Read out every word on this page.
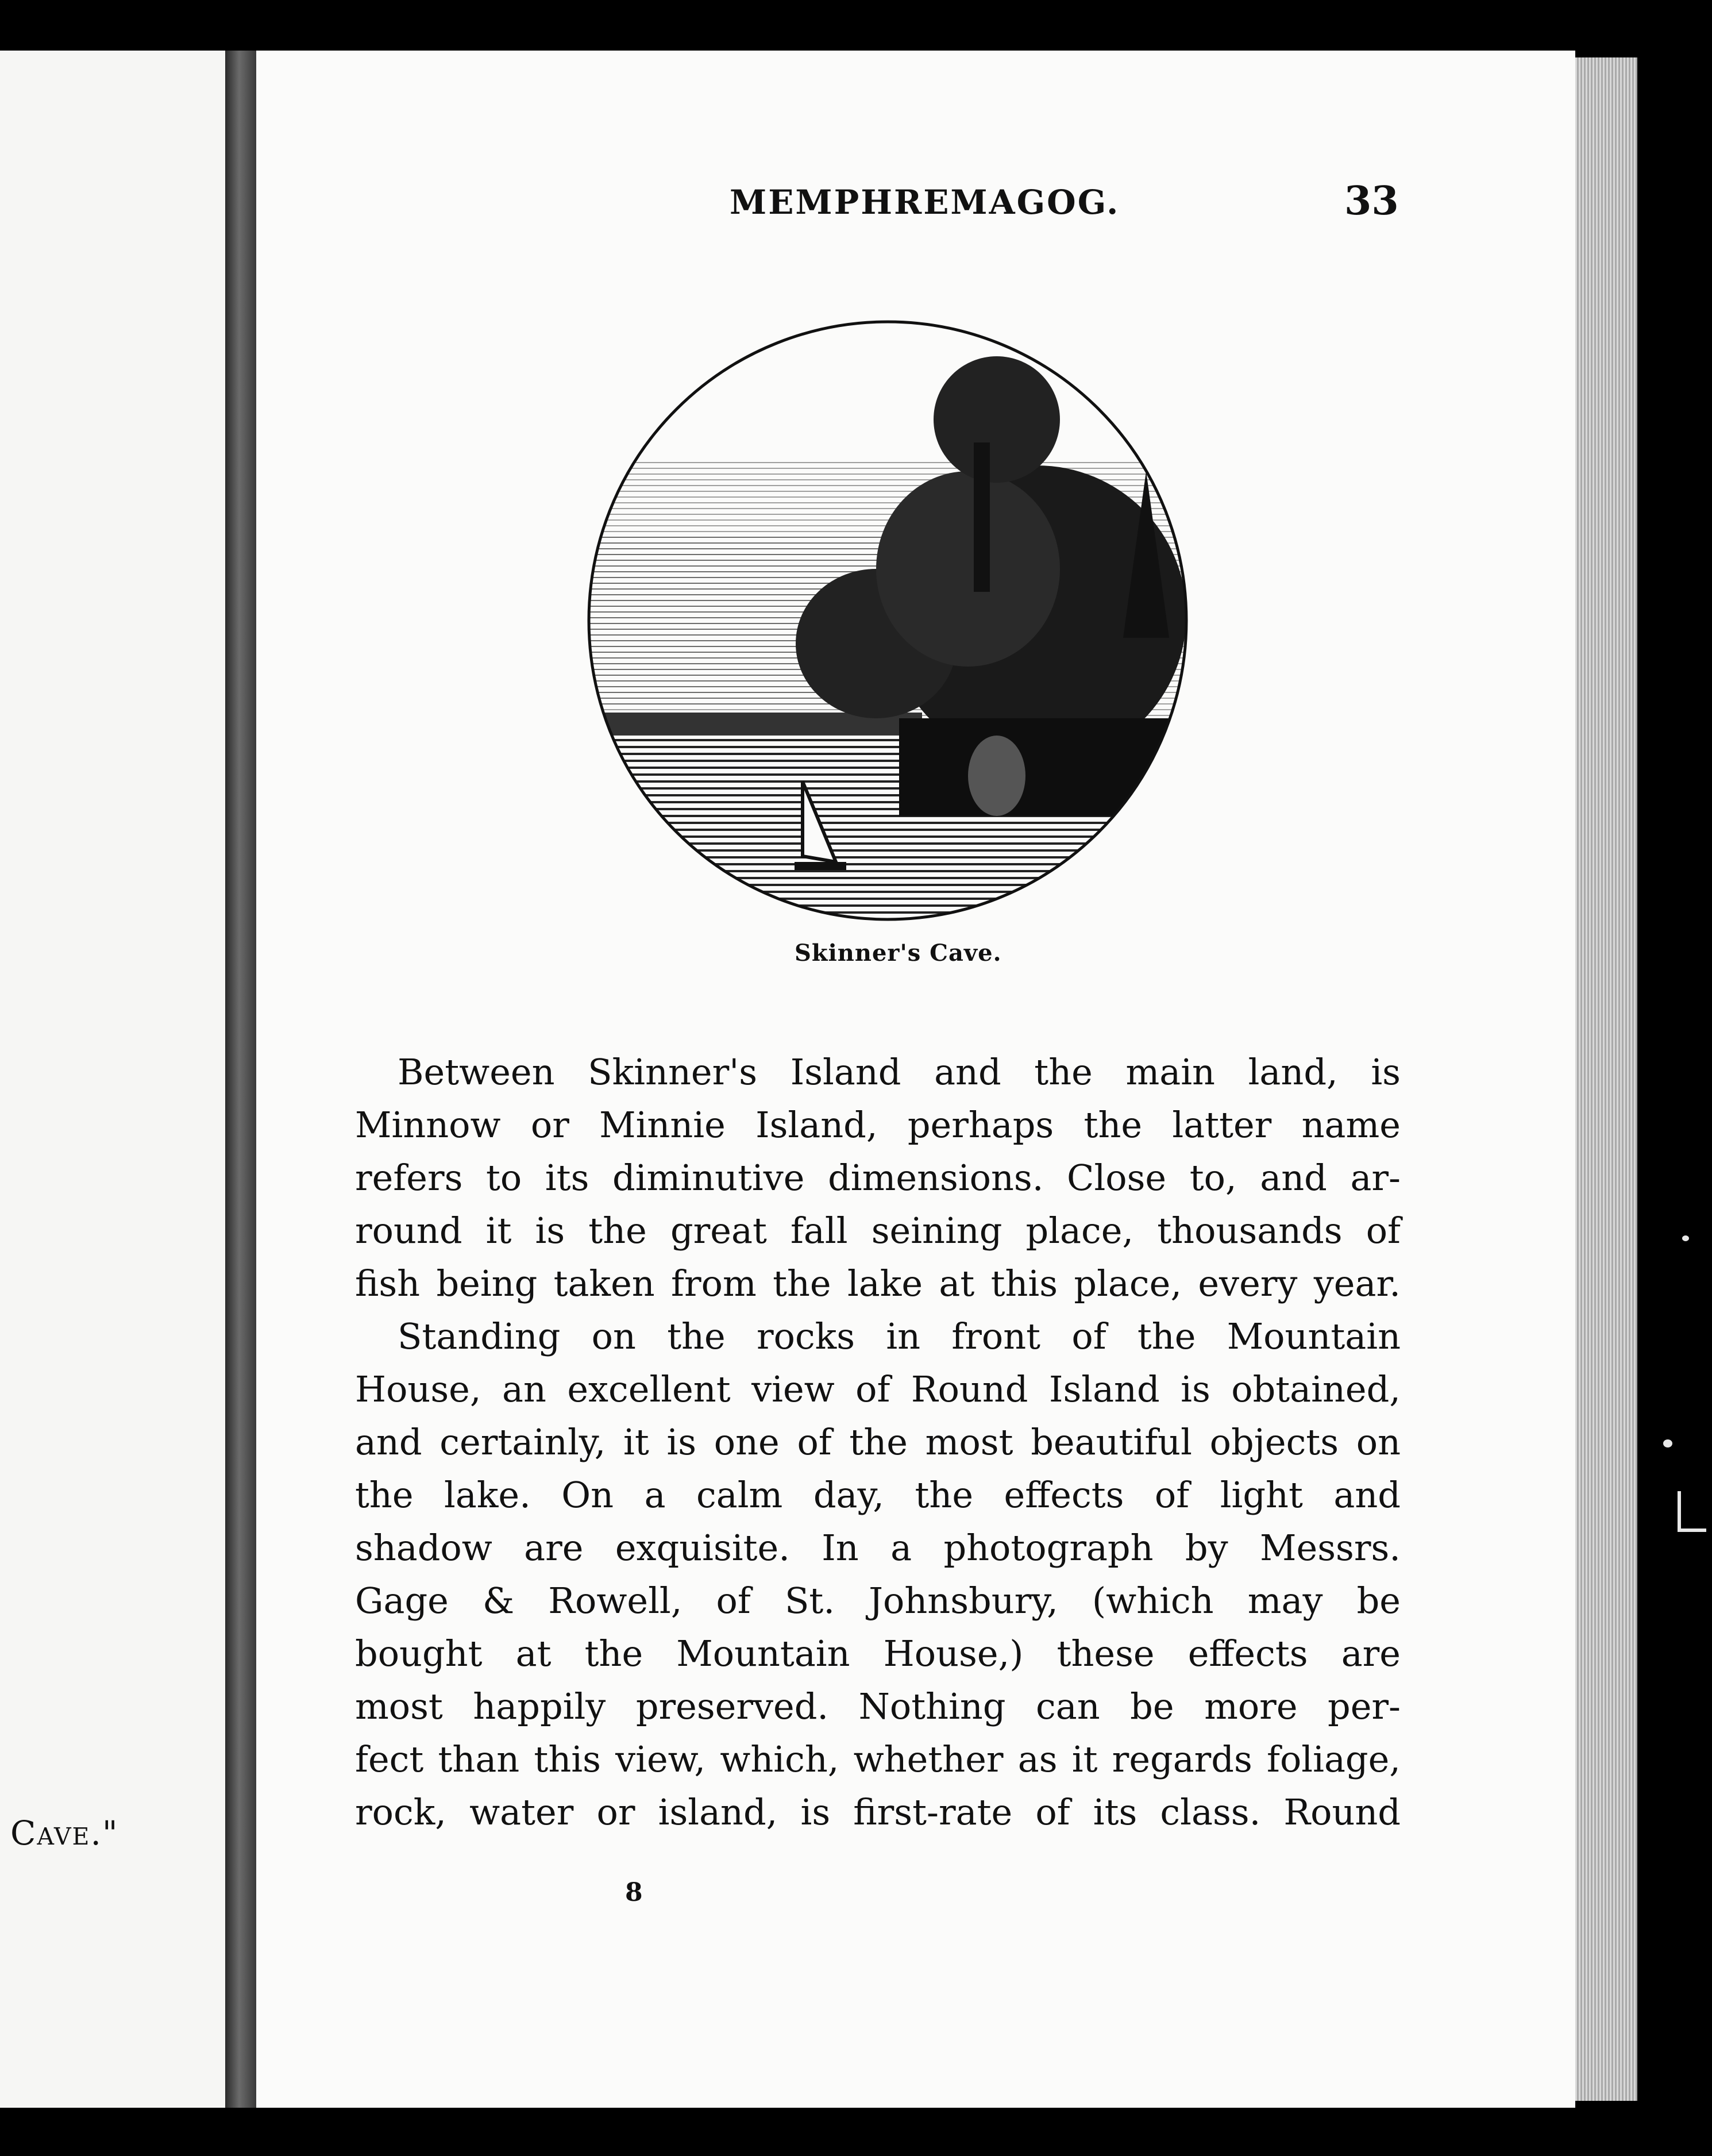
Cave."
MEMPHREMAGOG.	33
Skinner's Cave.
Between Skinner's Island and the main land, is
Minnow or Minnie Island, perhaps the latter name
refers to its diminutive dimensions. Close to, and ar-
round it is the great fall seining place, thousands of
fish being taken from the lake at this place, every year.
Standing on the rocks in front of the Mountain
House, an excellent view of Round Island is obtained,
and certainly, it is one of the most beautiful objects on
the lake. On a calm day, the effects of light and
shadow are exquisite. In a photograph by Messrs.
Gage & Rowell, of St. Johnsbury, (which may be
bought at the Mountain House,) these effects are
most happily preserved. Nothing can be more per-
fect than this view, which, whether as it regards foliage,
rock, water or island, is first-rate of its class. Round
8
